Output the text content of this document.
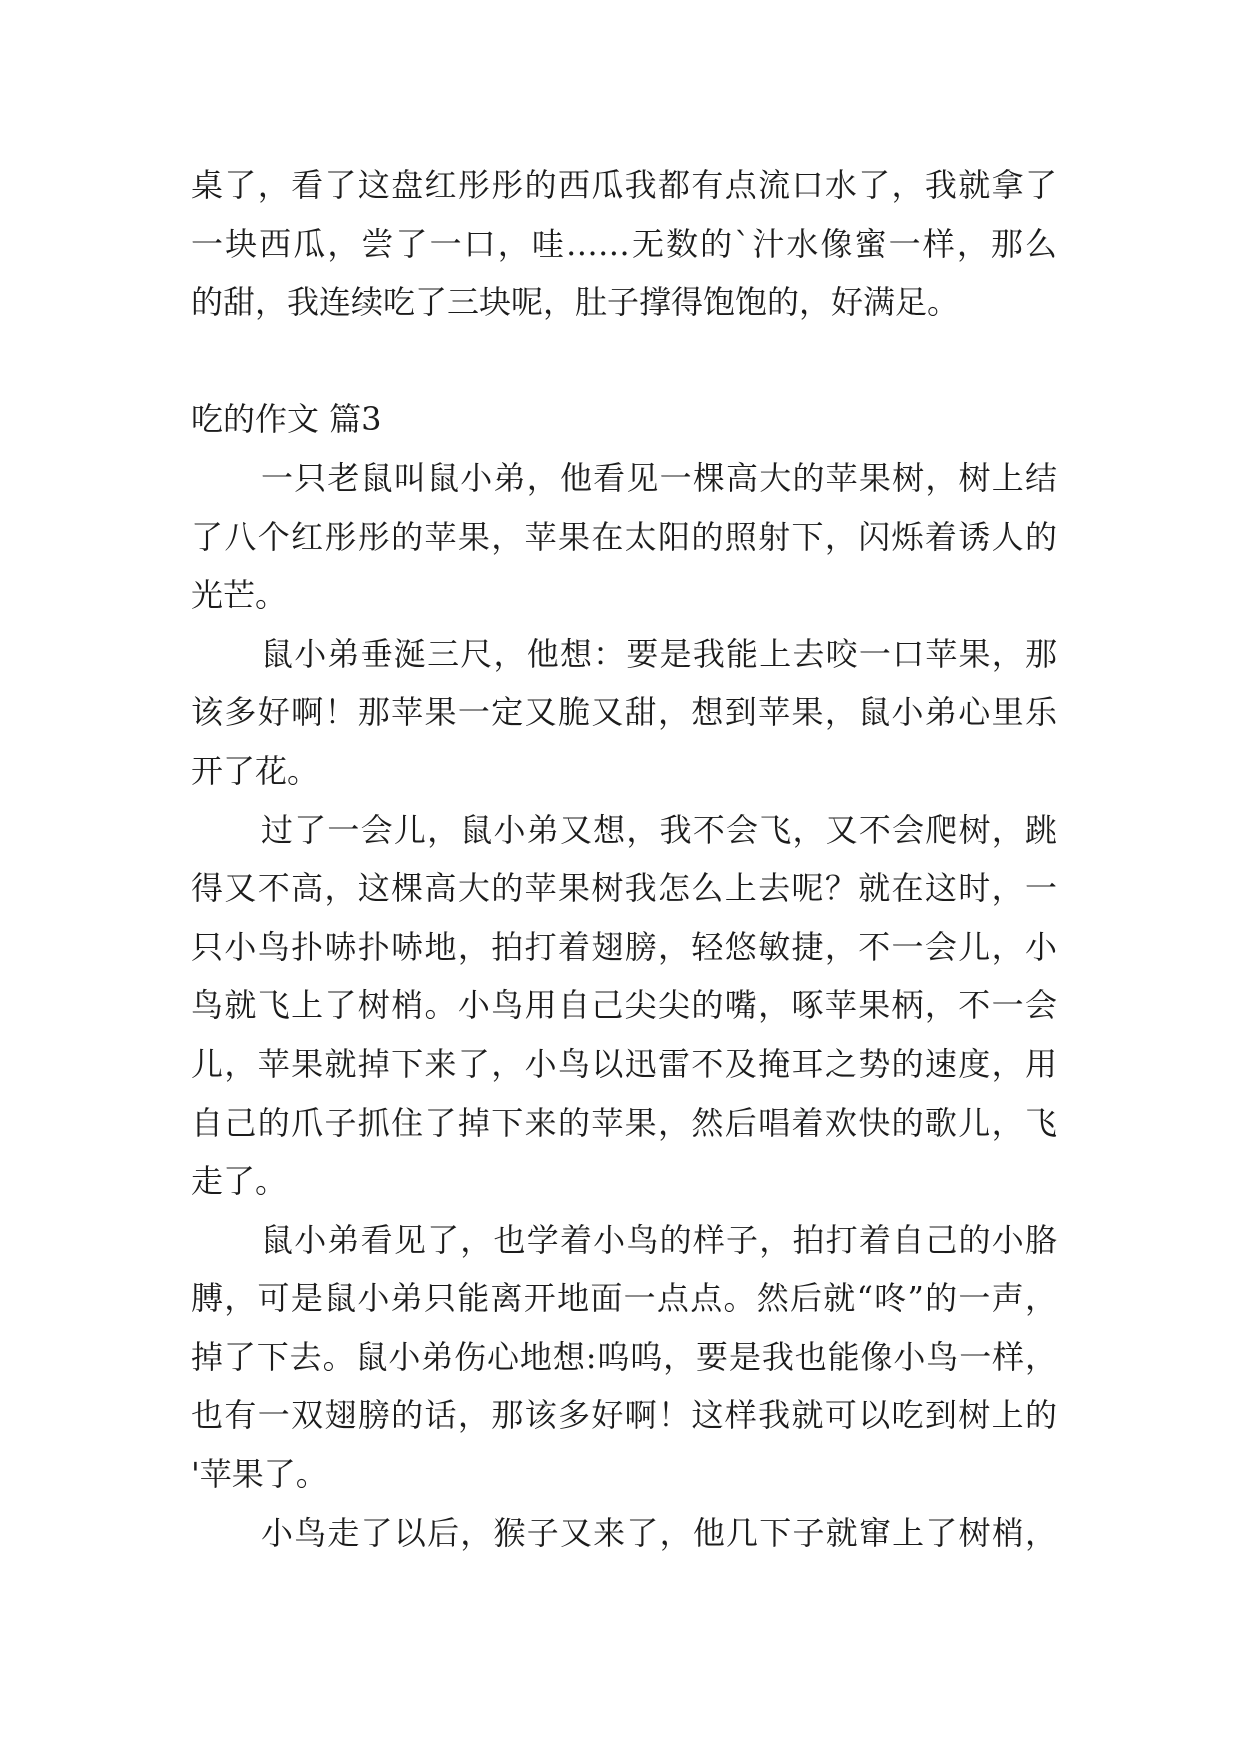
桌了，看了这盘红彤彤的西瓜我都有点流口水了，我就拿了
一块西瓜，尝了一口，哇……无数的`汁水像蜜一样，那么
的甜，我连续吃了三块呢，肚子撑得饱饱的，好满足。
吃的作文 篇3
一只老鼠叫鼠小弟，他看见一棵高大的苹果树，树上结
了八个红彤彤的苹果，苹果在太阳的照射下，闪烁着诱人的
光芒。
鼠小弟垂涎三尺，他想：要是我能上去咬一口苹果，那
该多好啊！那苹果一定又脆又甜，想到苹果，鼠小弟心里乐
开了花。
过了一会儿，鼠小弟又想，我不会飞，又不会爬树，跳
得又不高，这棵高大的苹果树我怎么上去呢？就在这时，一
只小鸟扑哧扑哧地，拍打着翅膀，轻悠敏捷，不一会儿，小
鸟就飞上了树梢。小鸟用自己尖尖的嘴，啄苹果柄，不一会
儿，苹果就掉下来了，小鸟以迅雷不及掩耳之势的速度，用
自己的爪子抓住了掉下来的苹果，然后唱着欢快的歌儿，飞
走了。
鼠小弟看见了，也学着小鸟的样子，拍打着自己的小胳
膊，可是鼠小弟只能离开地面一点点。然后就“咚”的一声，
掉了下去。鼠小弟伤心地想:呜呜，要是我也能像小鸟一样，
也有一双翅膀的话，那该多好啊！这样我就可以吃到树上的
'苹果了。
小鸟走了以后，猴子又来了，他几下子就窜上了树梢，
